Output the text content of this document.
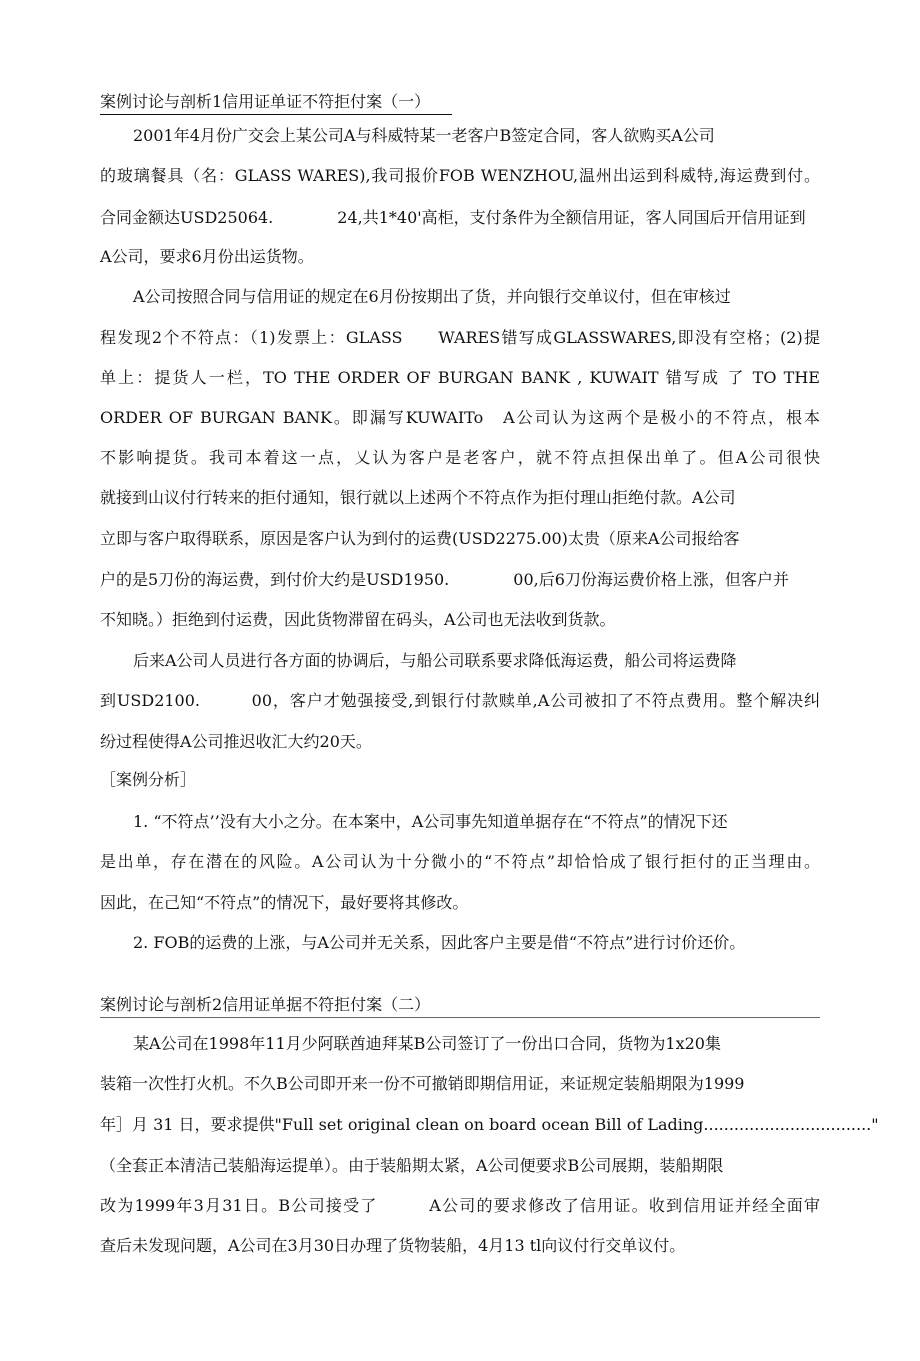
案例讨论与剖析1信用证单证不符拒付案（一）
2001年4月份广交会上某公司A与科威特某一老客户B签定合同，客人欲购买A公司
的玻璃餐具（名：GLASS WARES),我司报价FOB WENZHOU,温州出运到科威特,海运费到付。
合同金额达USD25064.　　　　24,共1*40'高柜，支付条件为全额信用证，客人同国后开信用证到
A公司，要求6月份出运货物。
A公司按照合同与信用证的规定在6月份按期出了货，并向银行交单议付，但在审核过
程发现2个不符点：（1)发票上：GLASS　　WARES错写成GLASSWARES,即没有空格；(2)提
单上：提货人一栏，TO THE ORDER OF BURGAN BANK , KUWAIT 错写成 了 TO THE
ORDER OF BURGAN BANK。即漏写KUWAITo　A公司认为这两个是极小的不符点，根本
不影响提货。我司本着这一点，乂认为客户是老客户，就不符点担保出单了。但A公司很快
就接到山议付行转来的拒付通知，银行就以上述两个不符点作为拒付理山拒绝付款。A公司
立即与客户取得联系，原因是客户认为到付的运费(USD2275.00)太贵（原来A公司报给客
户的是5刀份的海运费，到付价大约是USD1950.　　　　00,后6刀份海运费价格上涨，但客户并
不知晓。）拒绝到付运费，因此货物滞留在码头，A公司也无法收到货款。
后来A公司人员进行各方面的协调后，与船公司联系要求降低海运费，船公司将运费降
到USD2100.　　　00，客户才勉强接受,到银行付款赎单,A公司被扣了不符点费用。整个解决纠
纷过程使得A公司推迟收汇大约20天。
［案例分析］
1. “不符点’’没有大小之分。在本案中，A公司事先知道单据存在“不符点”的情况下还
是出单，存在潜在的风险。A公司认为十分微小的“不符点”却恰恰成了银行拒付的正当理由。
因此，在己知“不符点”的情况下，最好要将其修改。
2. FOB的运费的上涨，与A公司并无关系，因此客户主要是借“不符点”进行讨价还价。
案例讨论与剖析2信用证单据不符拒付案（二）
某A公司在1998年11月少阿联酋迪拜某B公司签订了一份出口合同，货物为1x20集
装箱一次性打火机。不久B公司即开来一份不可撤销即期信用证，来证规定装船期限为1999
年］月 31 日，要求提供"Full set original clean on board ocean Bill of Lading................................."
（全套正本清洁己装船海运提单）。由于装船期太紧，A公司便要求B公司展期，装船期限
改为1999年3月31日。B公司接受了　　　A公司的要求修改了信用证。收到信用证并经全面审
查后未发现问题，A公司在3月30日办理了货物装船，4月13 tl向议付行交单议付。
